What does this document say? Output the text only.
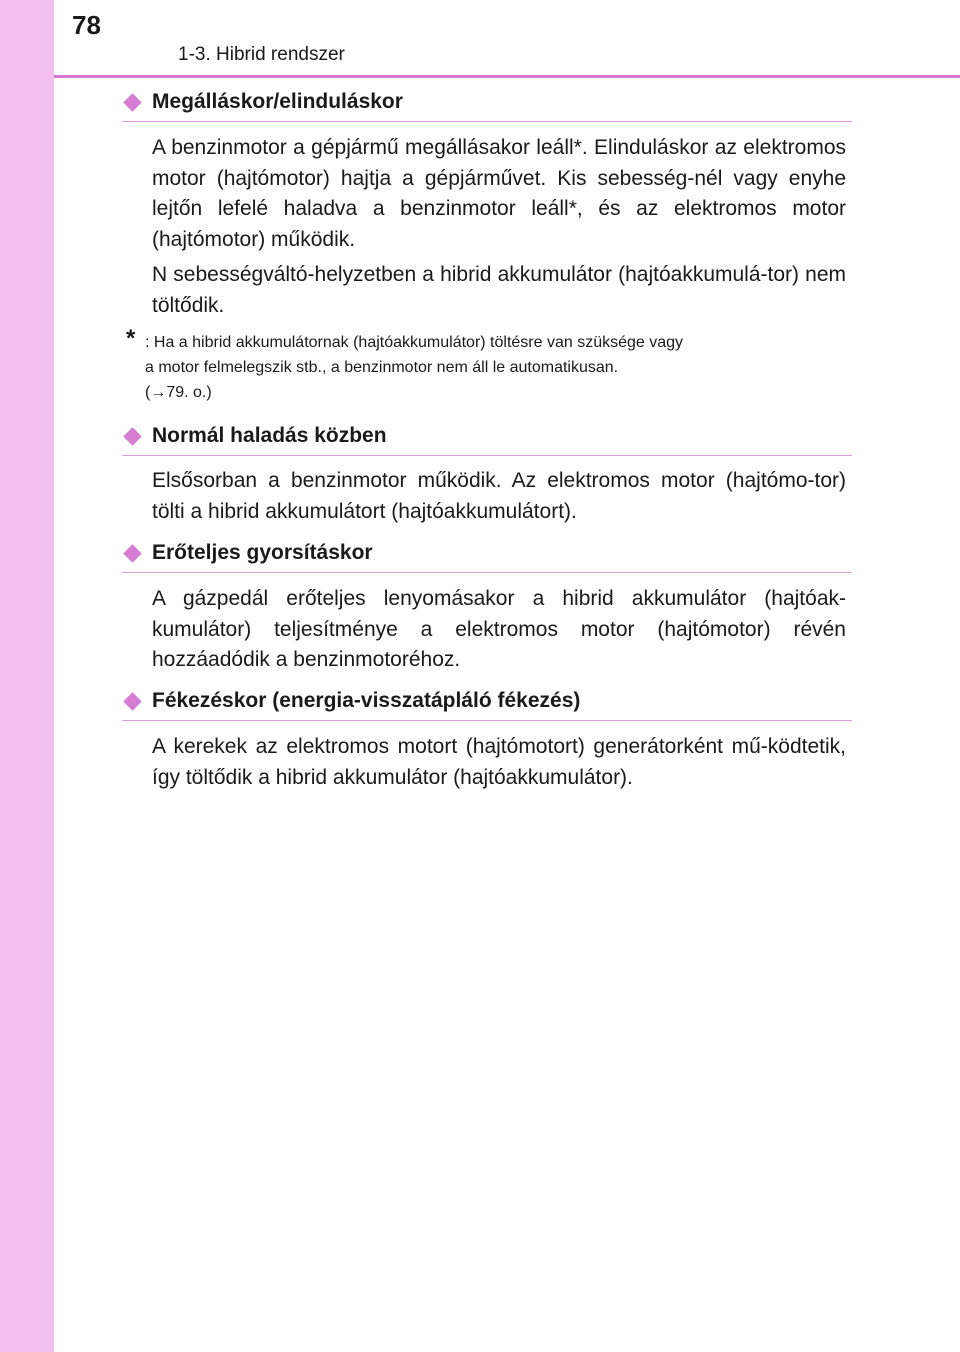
78
1-3. Hibrid rendszer
Megálláskor/elinduláskor

A benzinmotor a gépjármű megállásakor leáll*. Elinduláskor az elektromos motor (hajtómotor) hajtja a gépjárművet. Kis sebesség-nél vagy enyhe lejtőn lefelé haladva a benzinmotor leáll*, és az elektromos motor (hajtómotor) működik.

N sebességváltó-helyzetben a hibrid akkumulátor (hajtóakkumulá-tor) nem töltődik.

* : Ha a hibrid akkumulátornak (hajtóakkumulátor) töltésre van szüksége vagy
a motor felmelegszik stb., a benzinmotor nem áll le automatikusan.
(→79. o.)
Normál haladás közben

Elsősorban a benzinmotor működik. Az elektromos motor (hajtómo-tor) tölti a hibrid akkumulátort (hajtóakkumulátort).

Erőteljes gyorsításkor

A gázpedál erőteljes lenyomásakor a hibrid akkumulátor (hajtóak-kumulátor) teljesítménye a elektromos motor (hajtómotor) révén hozzáadódik a benzinmotoréhoz.

Fékezéskor (energia-visszatápláló fékezés)

A kerekek az elektromos motort (hajtómotort) generátorként mű-ködtetik, így töltődik a hibrid akkumulátor (hajtóakkumulátor).
